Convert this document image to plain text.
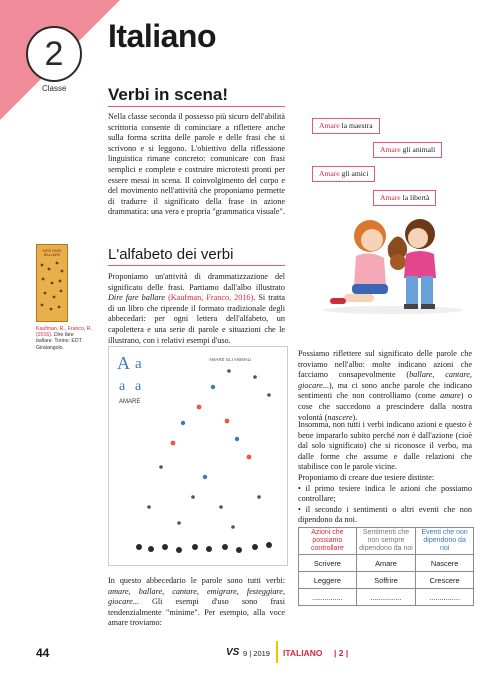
2
Classe
Italiano
Verbi in scena!
Nella classe seconda il possesso più sicuro dell'abilità scrittoria consente di cominciare a riflettere anche sulla forma scritta delle parole e delle frasi che si scrivono e si leggono. L'obiettivo della riflessione linguistica rimane concreto: comunicare con frasi semplici e complete e costruire microtesti pronti per essere messi in scena. Il coinvolgimento del corpo e del movimento nell'attività che proponiamo permette di tradurre il significato della frase in azione drammatica: una vera e propria "grammatica visuale".
Amare la maestra
Amare gli animali
Amare gli amici
Amare la libertà
L'alfabeto dei verbi
Proponiamo un'attività di drammatizzazione del significato delle frasi. Partiamo dall'albo illustrato Dire fare ballare (Kaufman, Franco, 2016). Si tratta di un libro che riprende il formato tradizionale degli abbecedari: per ogni lettera dell'alfabeto, un capolettera e una serie di parole e situazioni che le illustrano, con i relativi esempi d'uso.
DIRE FARE BALLARE
Kaufman, R., Franco, R. (2016). Dire fare ballare. Torino: EDT Giralangolo.
A a
a a
AMARE
AMARE GLI ANIMALI
In questo abbecedario le parole sono tutti verbi: amare, ballare, cantare, emigrare, festeggiare, giocare... Gli esempi d'uso sono frasi tendenzialmente "minime". Per esempio, alla voce amare troviamo:
Possiamo riflettere sul significato delle parole che troviamo nell'albo: molte indicano azioni che facciamo consapevolmente (ballare, cantare, giocare...), ma ci sono anche parole che indicano sentimenti che non controlliamo (come amare) o cose che succedono a prescindere dalla nostra volontà (nascere).
Insomma, non tutti i verbi indicano azioni e questo è bene impararlo subito perché non è dall'azione (cioè dal solo significato) che si riconosce il verbo, ma dalle forme che assume e dalle relazioni che stabilisce con le parole vicine.
Proponiamo di creare due tesiere distinte:
• il primo tesiere indica le azioni che possiamo controllare;
• il secondo i sentimenti o altri eventi che non dipendono da noi.
Azioni che possiamo controllare	Sentimenti che non sempre dipendono da noi	Eventi che non dipendono da noi
Scrivere	Amare	Nascere
Leggere	Soffrire	Crescere
...............	...............	...............
44	VS 9 | 2019 ITALIANO | 2 |
